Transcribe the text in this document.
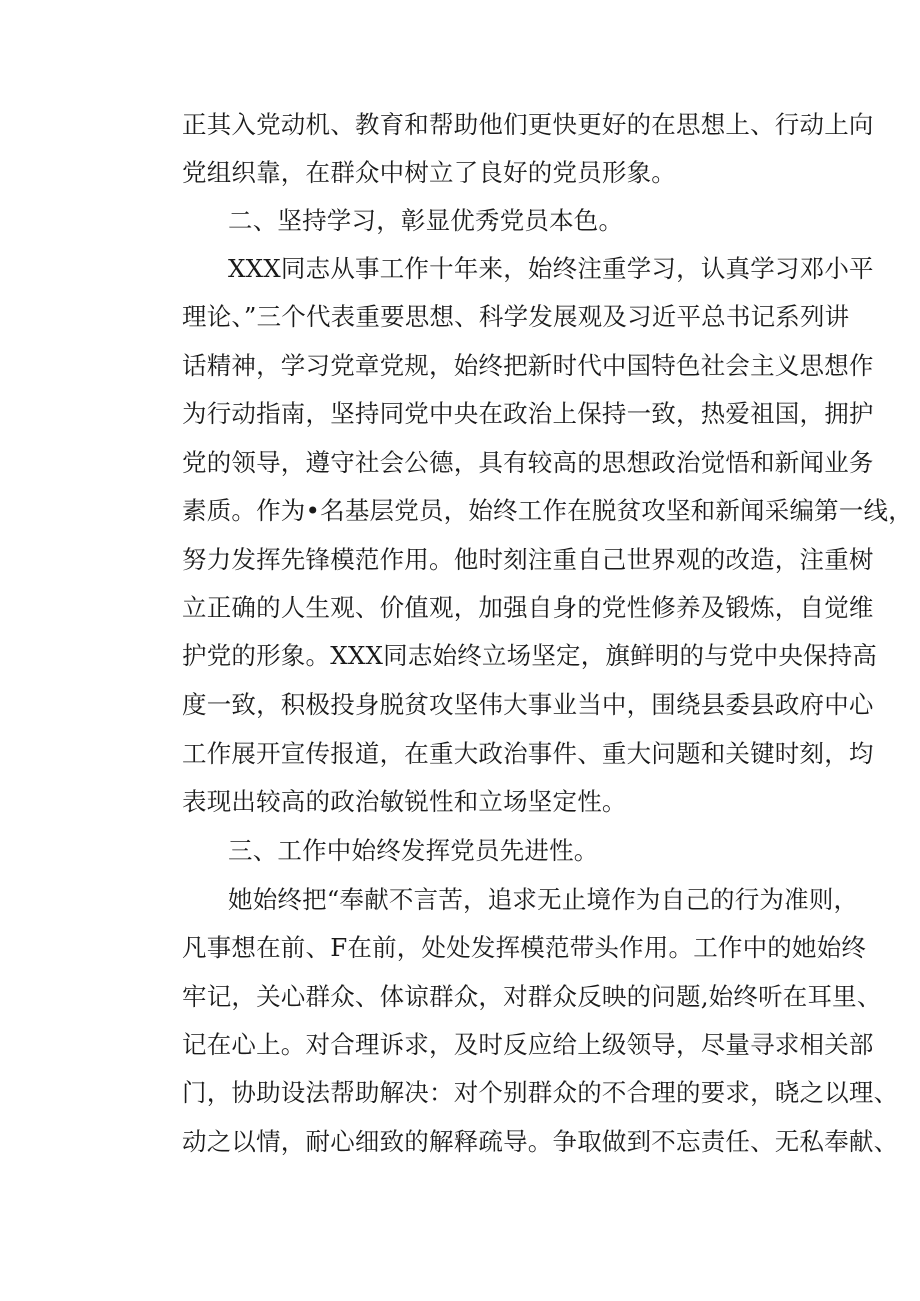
正其入党动机、教育和帮助他们更快更好的在思想上、行动上向
党组织靠，在群众中树立了良好的党员形象。
二、坚持学习，彰显优秀党员本色。
XXX同志从事工作十年来，始终注重学习，认真学习邓小平
理论、”三个代表重要思想、科学发展观及习近平总书记系列讲
话精神，学习党章党规，始终把新时代中国特色社会主义思想作
为行动指南，坚持同党中央在政治上保持一致，热爱祖国，拥护
党的领导，遵守社会公德，具有较高的思想政治觉悟和新闻业务
素质。作为•名基层党员，始终工作在脱贫攻坚和新闻采编第一线，
努力发挥先锋模范作用。他时刻注重自己世界观的改造，注重树
立正确的人生观、价值观，加强自身的党性修养及锻炼，自觉维
护党的形象。XXX同志始终立场坚定，旗鲜明的与党中央保持高
度一致，积极投身脱贫攻坚伟大事业当中，围绕县委县政府中心
工作展开宣传报道，在重大政治事件、重大问题和关键时刻，均
表现出较高的政治敏锐性和立场坚定性。
三、工作中始终发挥党员先进性。
她始终把“奉献不言苦，追求无止境作为自己的行为准则，
凡事想在前、F在前，处处发挥模范带头作用。工作中的她始终
牢记，关心群众、体谅群众，对群众反映的问题,始终听在耳里、
记在心上。对合理诉求，及时反应给上级领导，尽量寻求相关部
门，协助设法帮助解决：对个别群众的不合理的要求，晓之以理、
动之以情，耐心细致的解释疏导。争取做到不忘责任、无私奉献、
